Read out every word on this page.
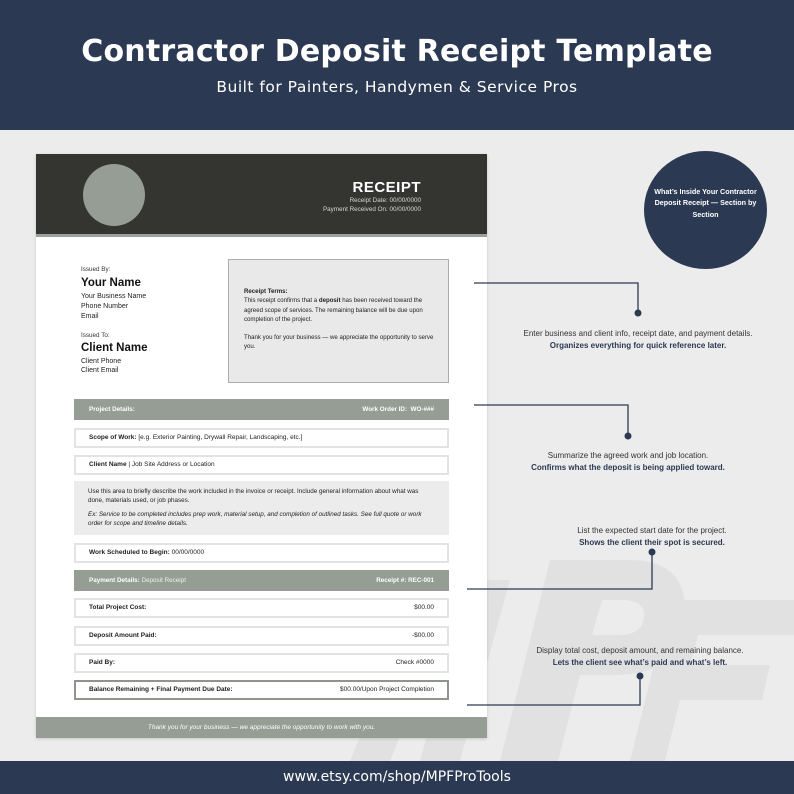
Contractor Deposit Receipt Template
Built for Painters, Handymen & Service Pros
RECEIPT
Receipt Date: 00/00/0000
Payment Received On: 00/00/0000
Issued By:
Your Name
Your Business Name
Phone Number
Email
Issued To:
Client Name
Client Phone
Client Email
Receipt Terms:

This receipt confirms that a deposit has been received toward the agreed scope of services. The remaining balance will be due upon completion of the project.

Thank you for your business — we appreciate the opportunity to serve you.

Project Details:	Work Order ID: WO-###
Scope of Work: [e.g. Exterior Painting, Drywall Repair, Landscaping, etc.]
Client Name | Job Site Address or Location
Use this area to briefly describe the work included in the invoice or receipt. Include general information about what was done, materials used, or job phases.
Ex: Service to be completed includes prep work, material setup, and completion of outlined tasks. See full quote or work order for scope and timeline details.
Work Scheduled to Begin: 00/00/0000
Payment Details: Deposit Receipt	Receipt #: REC-001
Total Project Cost:	$00.00
Deposit Amount Paid:	-$00.00
Paid By:	Check #0000
Balance Remaining + Final Payment Due Date:	$00.00/Upon Project Completion
Thank you for your business — we appreciate the opportunity to work with you.
What’s Inside Your Contractor Deposit Receipt — Section by Section
Enter business and client info, receipt date, and payment details.
Organizes everything for quick reference later.
Summarize the agreed work and job location.
Confirms what the deposit is being applied toward.
List the expected start date for the project.
Shows the client their spot is secured.
Display total cost, deposit amount, and remaining balance.
Lets the client see what’s paid and what’s left.
www.etsy.com/shop/MPFProTools
